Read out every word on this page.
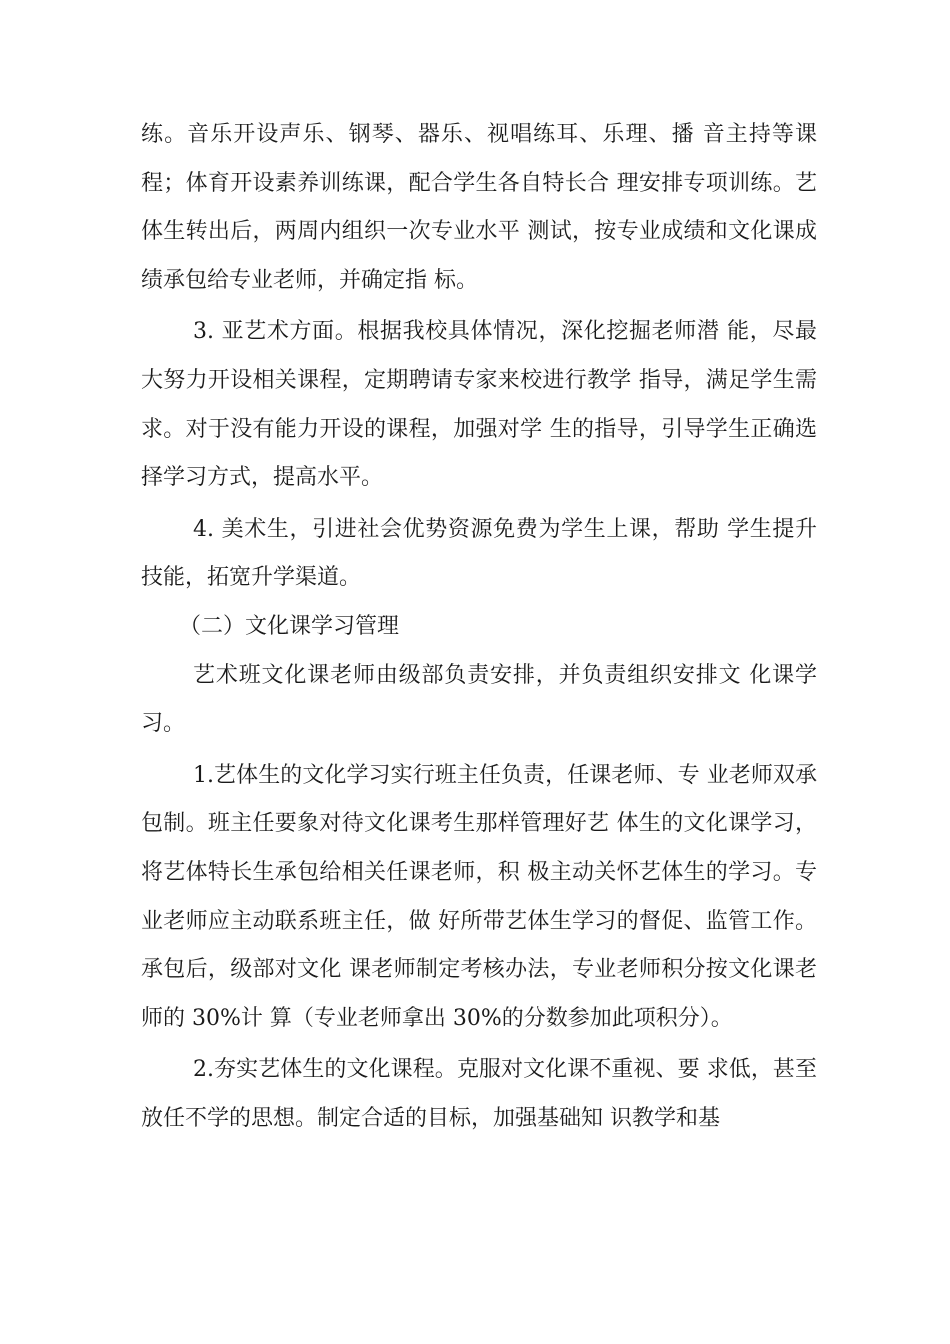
练。音乐开设声乐、钢琴、器乐、视唱练耳、乐理、播 音主持等课程；体育开设素养训练课，配合学生各自特长合 理安排专项训练。艺体生转出后，两周内组织一次专业水平 测试，按专业成绩和文化课成绩承包给专业老师，并确定指 标。

3. 亚艺术方面。根据我校具体情况，深化挖掘老师潜 能，尽最大努力开设相关课程，定期聘请专家来校进行教学 指导，满足学生需求。对于没有能力开设的课程，加强对学 生的指导，引导学生正确选择学习方式，提高水平。

4. 美术生，引进社会优势资源免费为学生上课，帮助 学生提升技能，拓宽升学渠道。

（二）文化课学习管理

艺术班文化课老师由级部负责安排，并负责组织安排文 化课学习。

1.艺体生的文化学习实行班主任负责，任课老师、专 业老师双承包制。班主任要象对待文化课考生那样管理好艺 体生的文化课学习，将艺体特长生承包给相关任课老师，积 极主动关怀艺体生的学习。专业老师应主动联系班主任，做 好所带艺体生学习的督促、监管工作。承包后，级部对文化 课老师制定考核办法，专业老师积分按文化课老师的 30%计 算（专业老师拿出 30%的分数参加此项积分）。

2.夯实艺体生的文化课程。克服对文化课不重视、要 求低，甚至放任不学的思想。制定合适的目标，加强基础知 识教学和基
